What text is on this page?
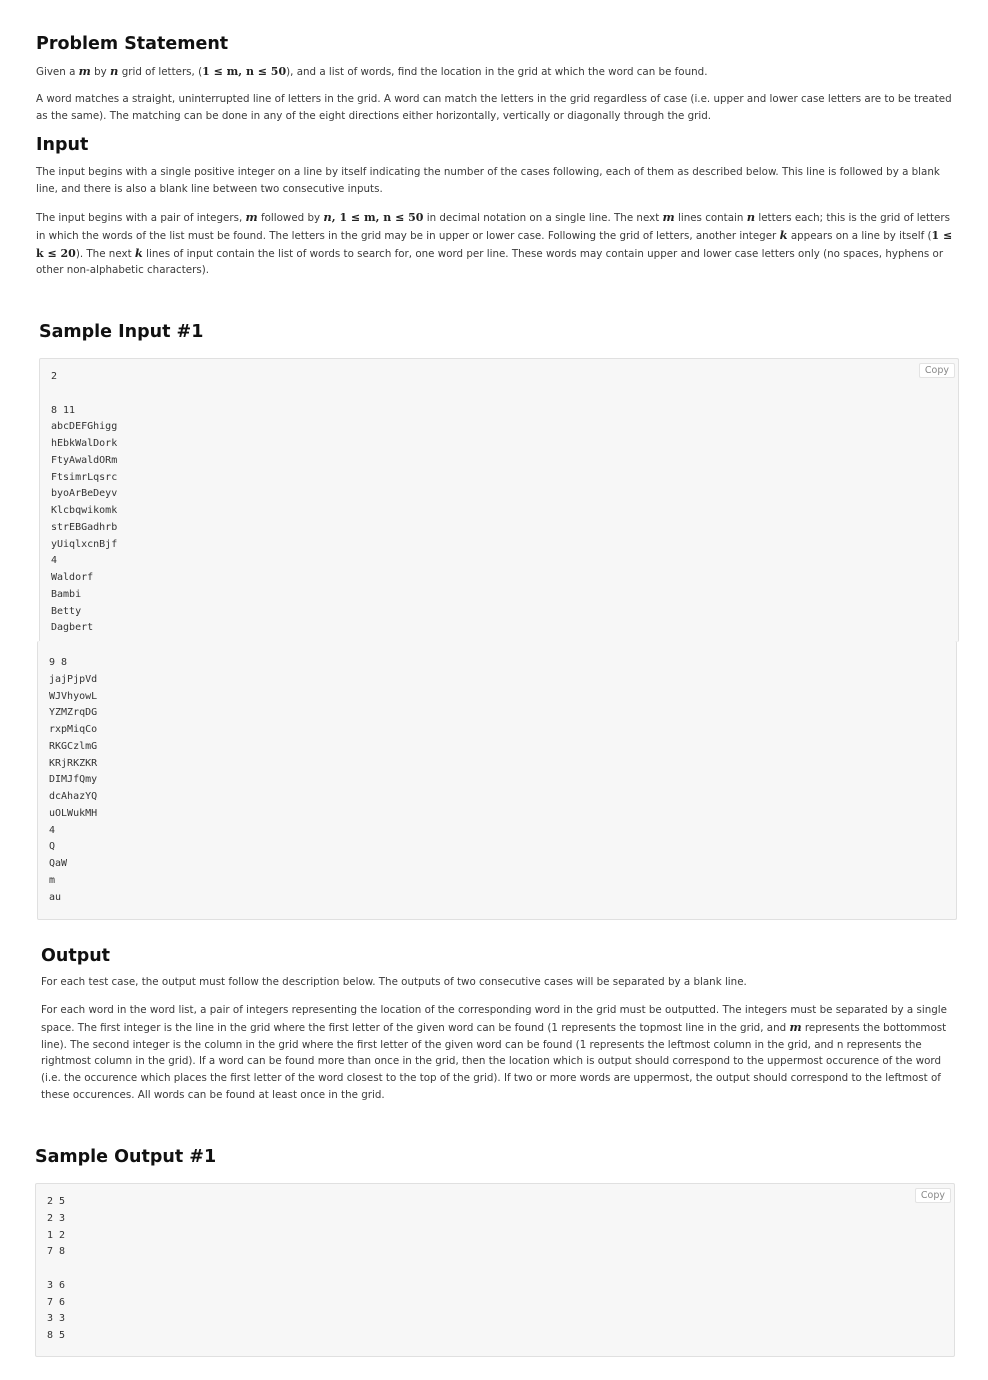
Problem Statement

Given a m by n grid of letters, (1 ≤ m, n ≤ 50), and a list of words, find the location in the grid at which the word can be found.

A word matches a straight, uninterrupted line of letters in the grid. A word can match the letters in the grid regardless of case (i.e. upper and lower case letters are to be treated as the same). The matching can be done in any of the eight directions either horizontally, vertically or diagonally through the grid.

Input

The input begins with a single positive integer on a line by itself indicating the number of the cases following, each of them as described below. This line is followed by a blank line, and there is also a blank line between two consecutive inputs.

The input begins with a pair of integers, m followed by n, 1 ≤ m, n ≤ 50 in decimal notation on a single line. The next m lines contain n letters each; this is the grid of letters in which the words of the list must be found. The letters in the grid may be in upper or lower case. Following the grid of letters, another integer k appears on a line by itself (1 ≤ k ≤ 20). The next k lines of input contain the list of words to search for, one word per line. These words may contain upper and lower case letters only (no spaces, hyphens or other non-alphabetic characters).

Sample Input #1
2

8 11
abcDEFGhigg
hEbkWalDork
FtyAwaldORm
FtsimrLqsrc
byoArBeDeyv
Klcbqwikomk
strEBGadhrb
yUiqlxcnBjf
4
Waldorf
Bambi
Betty
Dagbert
Copy
9 8
jajPjpVd
WJVhyowL
YZMZrqDG
rxpMiqCo
RKGCzlmG
KRjRKZKR
DIMJfQmy
dcAhazYQ
uOLWukMH
4
Q
QaW
m
au
Output

For each test case, the output must follow the description below. The outputs of two consecutive cases will be separated by a blank line.

For each word in the word list, a pair of integers representing the location of the corresponding word in the grid must be outputted. The integers must be separated by a single space. The first integer is the line in the grid where the first letter of the given word can be found (1 represents the topmost line in the grid, and m represents the bottommost line). The second integer is the column in the grid where the first letter of the given word can be found (1 represents the leftmost column in the grid, and n represents the rightmost column in the grid). If a word can be found more than once in the grid, then the location which is output should correspond to the uppermost occurence of the word (i.e. the occurence which places the first letter of the word closest to the top of the grid). If two or more words are uppermost, the output should correspond to the leftmost of these occurences. All words can be found at least once in the grid.

Sample Output #1
2 5
2 3
1 2
7 8

3 6
7 6
3 3
8 5
Copy
